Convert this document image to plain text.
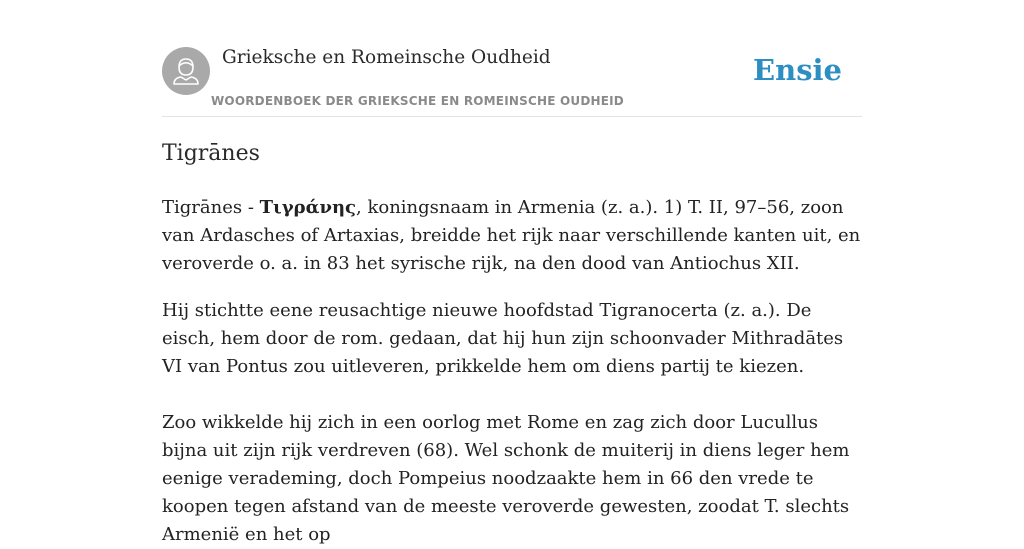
Grieksche en Romeinsche Oudheid
WOORDENBOEK DER GRIEKSCHE EN ROMEINSCHE OUDHEID
Ensie
Tigrānes

Tigrānes - Τιγράνης, koningsnaam in Armenia (z. a.). 1) T. II, 97–56, zoon van Ardasches of Artaxias, breidde het rijk naar verschillende kanten uit, en veroverde o. a. in 83 het syrische rijk, na den dood van Antiochus XII.

Hij stichtte eene reusachtige nieuwe hoofdstad Tigranocerta (z. a.). De eisch, hem door de rom. gedaan, dat hij hun zijn schoonvader Mithradātes VI van Pontus zou uitleveren, prikkelde hem om diens partij te kiezen.

Zoo wikkelde hij zich in een oorlog met Rome en zag zich door Lucullus bijna uit zijn rijk verdreven (68). Wel schonk de muiterij in diens leger hem eenige verademing, doch Pompeius noodzaakte hem in 66 den vrede te koopen tegen afstand van de meeste veroverde gewesten, zoodat T. slechts Armenië en het op
